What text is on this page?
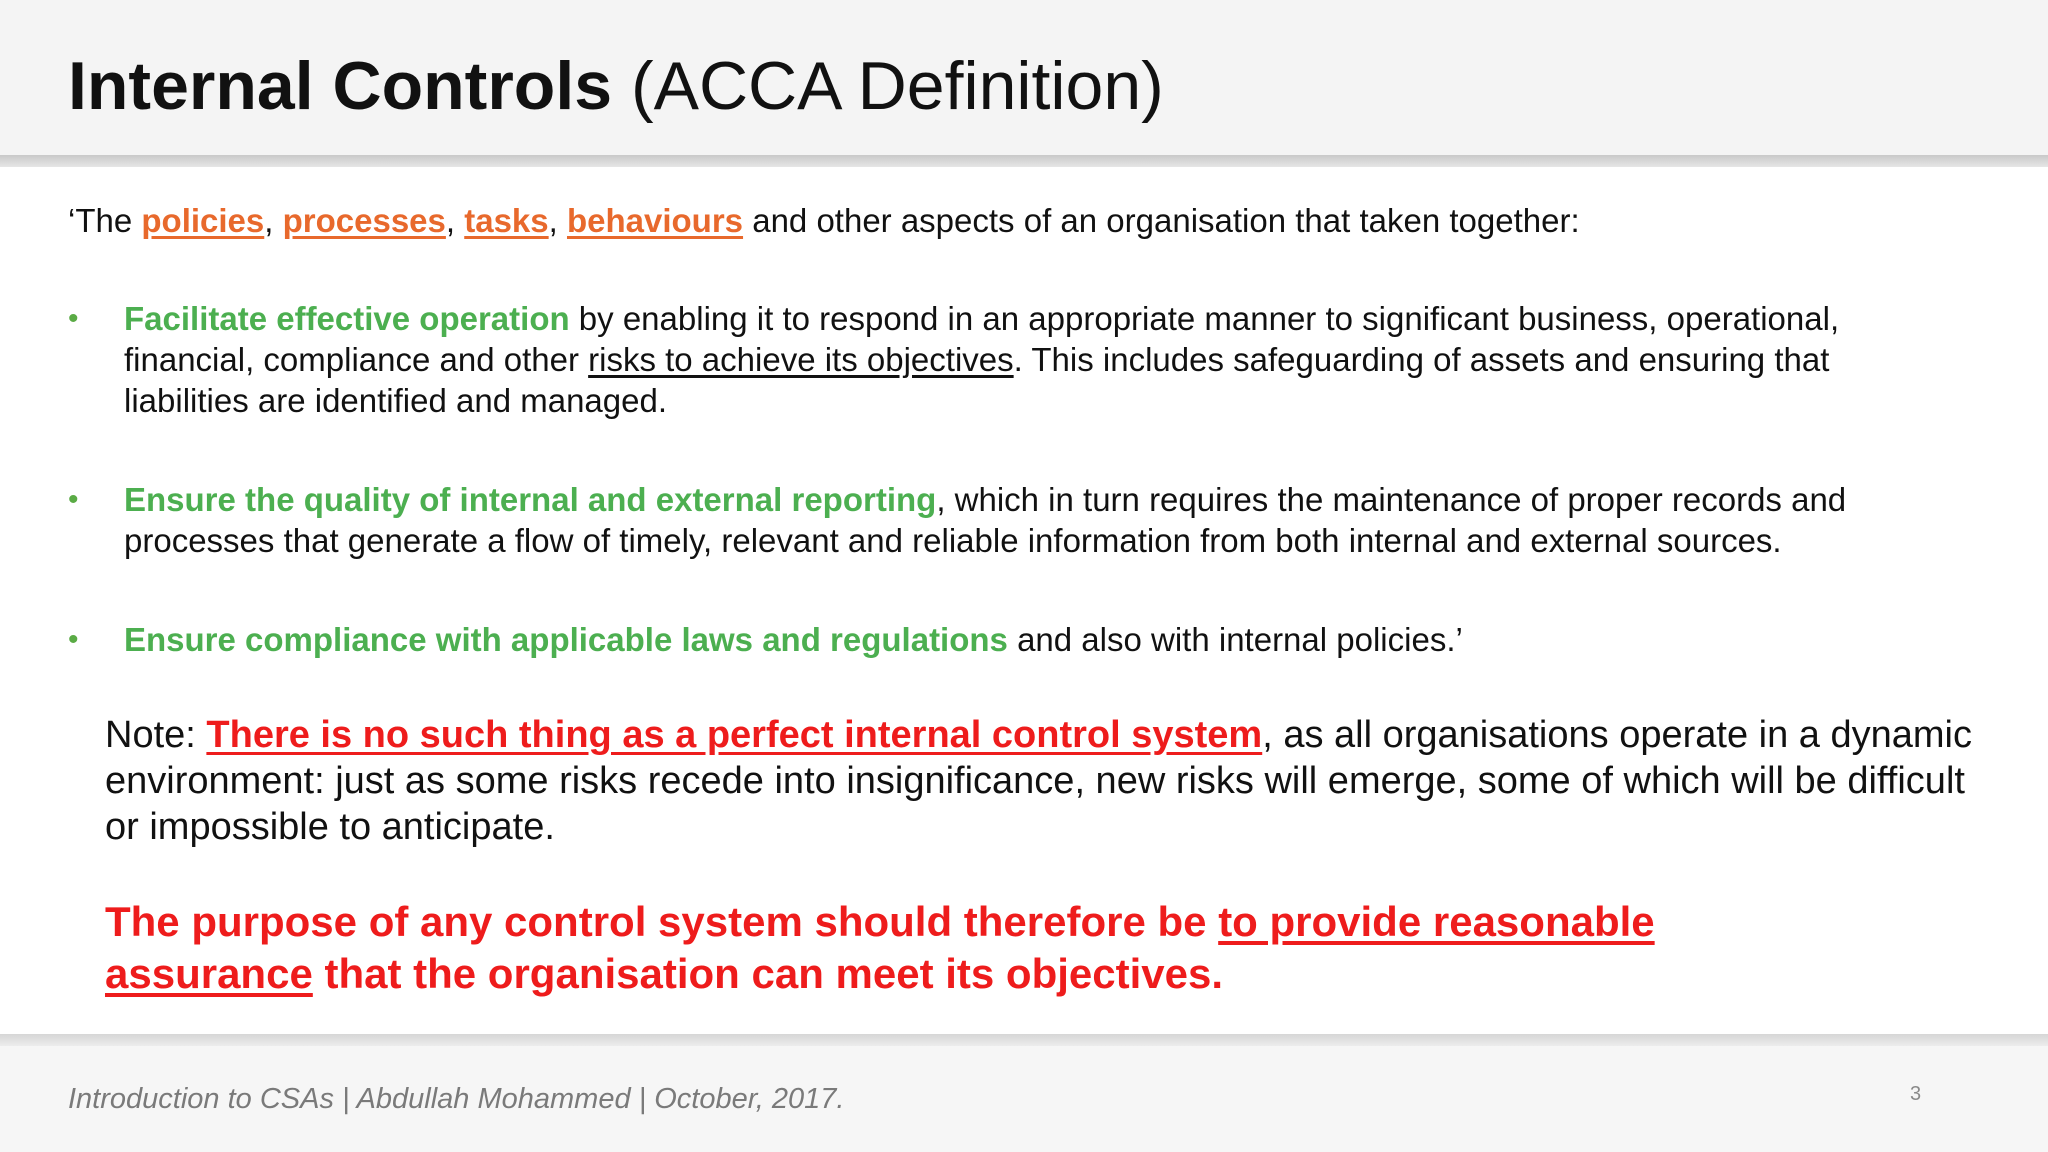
Internal Controls (ACCA Definition)
‘The policies, processes, tasks, behaviours and other aspects of an organisation that taken together:
• Facilitate effective operation by enabling it to respond in an appropriate manner to significant business, operational, financial, compliance and other risks to achieve its objectives. This includes safeguarding of assets and ensuring that liabilities are identified and managed.
• Ensure the quality of internal and external reporting, which in turn requires the maintenance of proper records and processes that generate a flow of timely, relevant and reliable information from both internal and external sources.
• Ensure compliance with applicable laws and regulations and also with internal policies.’
Note: There is no such thing as a perfect internal control system, as all organisations operate in a dynamic environment: just as some risks recede into insignificance, new risks will emerge, some of which will be difficult or impossible to anticipate.
The purpose of any control system should therefore be to provide reasonable assurance that the organisation can meet its objectives.
Introduction to CSAs | Abdullah Mohammed | October, 2017.	3
